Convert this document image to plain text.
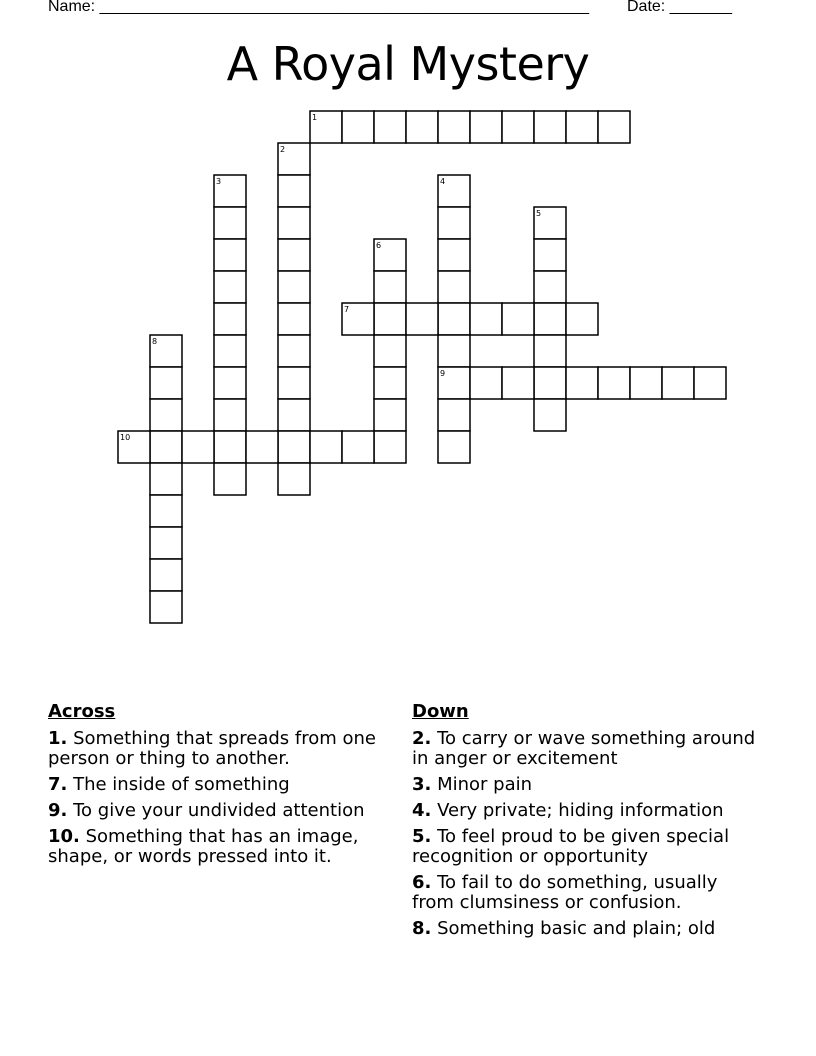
Name: _______________________________________________________ Date: _______
A Royal Mystery
1
2
3	4
9
5
6
7
8
10
Across
1. Something that spreads from one person or thing to another.
7. The inside of something
9. To give your undivided attention
10. Something that has an image, shape, or words pressed into it.
Down
2. To carry or wave something around in anger or excitement
3. Minor pain
4. Very private; hiding information
5. To feel proud to be given special recognition or opportunity
6. To fail to do something, usually from clumsiness or confusion.
8. Something basic and plain; old
